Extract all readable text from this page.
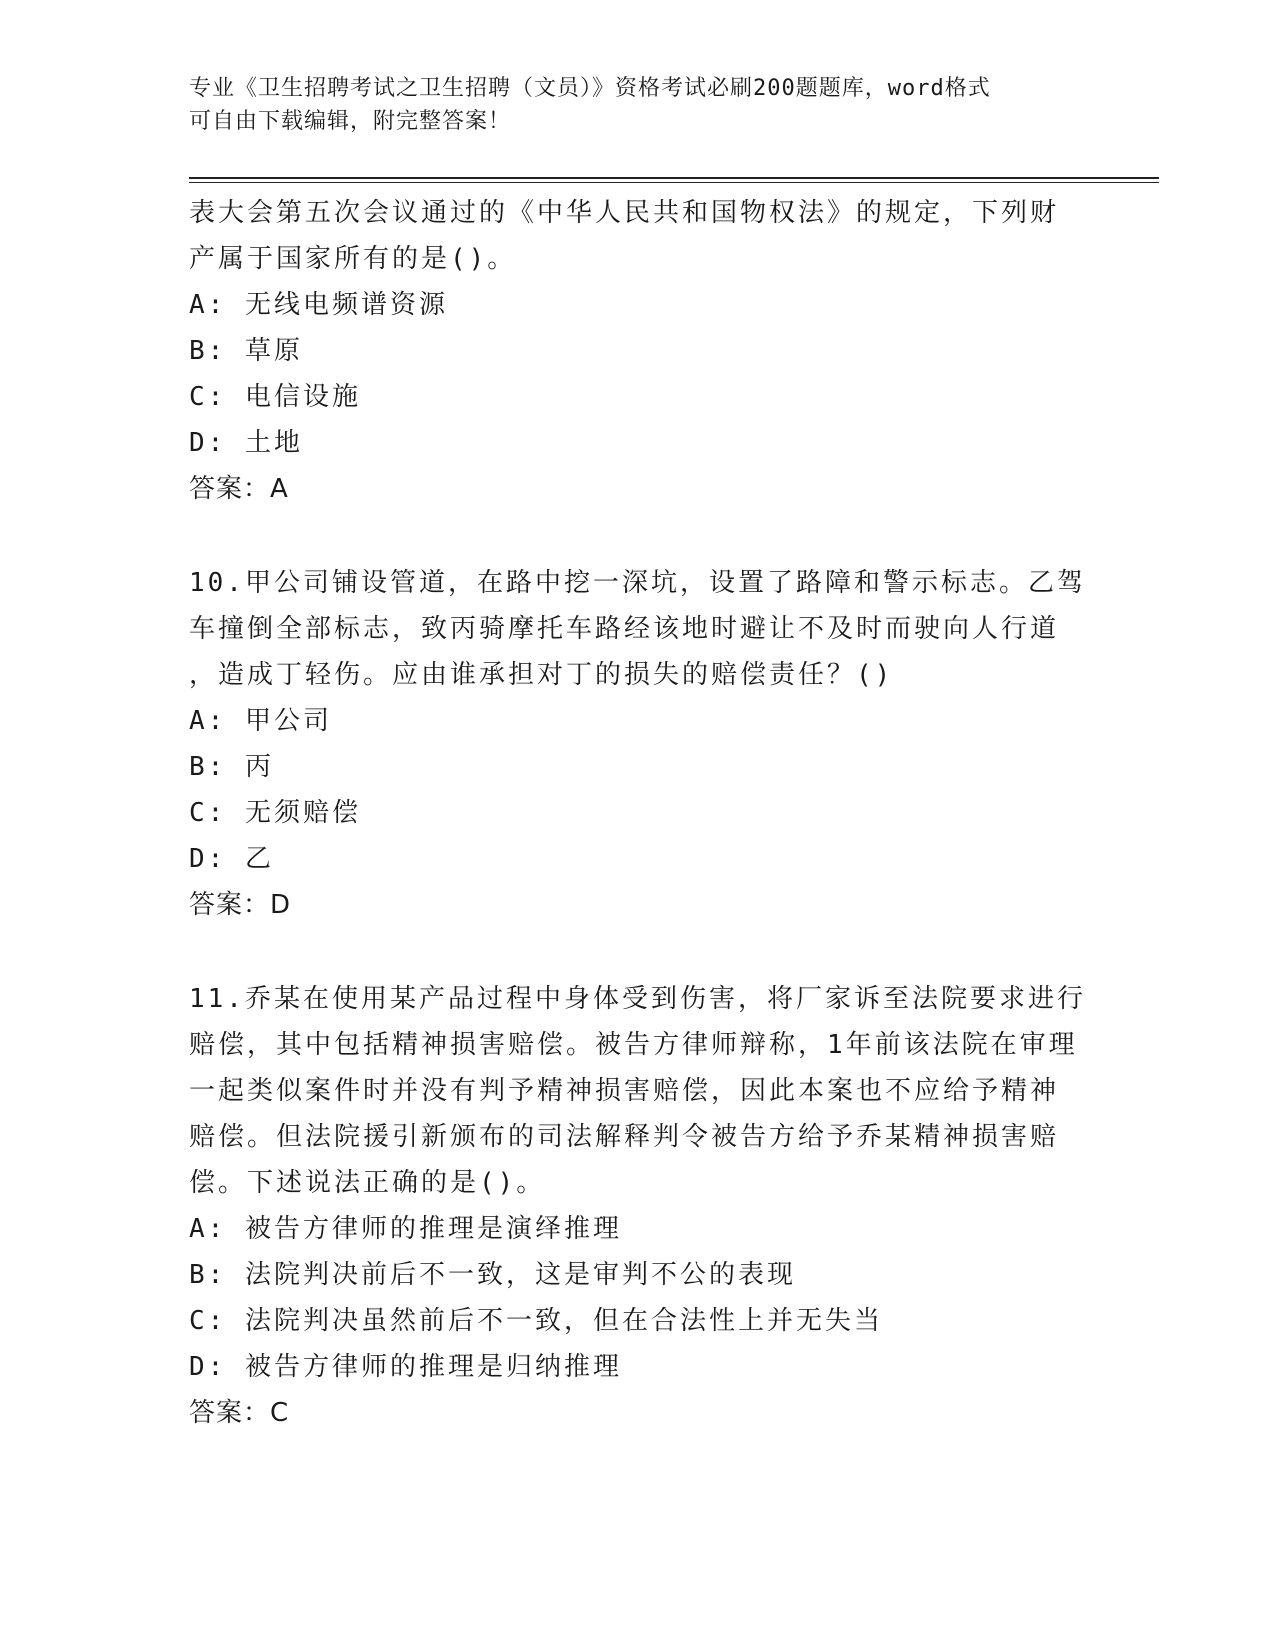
专业《卫生招聘考试之卫生招聘（文员）》资格考试必刷200题题库，word格式
可自由下载编辑，附完整答案！
表大会第五次会议通过的《中华人民共和国物权法》的规定，下列财
产属于国家所有的是()。
A: 无线电频谱资源
B: 草原
C: 电信设施
D: 土地
答案：A
10.甲公司铺设管道，在路中挖一深坑，设置了路障和警示标志。乙驾
车撞倒全部标志，致丙骑摩托车路经该地时避让不及时而驶向人行道
，造成丁轻伤。应由谁承担对丁的损失的赔偿责任？()
A: 甲公司
B: 丙
C: 无须赔偿
D: 乙
答案：D
11.乔某在使用某产品过程中身体受到伤害，将厂家诉至法院要求进行
赔偿，其中包括精神损害赔偿。被告方律师辩称，1年前该法院在审理
一起类似案件时并没有判予精神损害赔偿，因此本案也不应给予精神
赔偿。但法院援引新颁布的司法解释判令被告方给予乔某精神损害赔
偿。下述说法正确的是()。
A: 被告方律师的推理是演绎推理
B: 法院判决前后不一致，这是审判不公的表现
C: 法院判决虽然前后不一致，但在合法性上并无失当
D: 被告方律师的推理是归纳推理
答案：C
